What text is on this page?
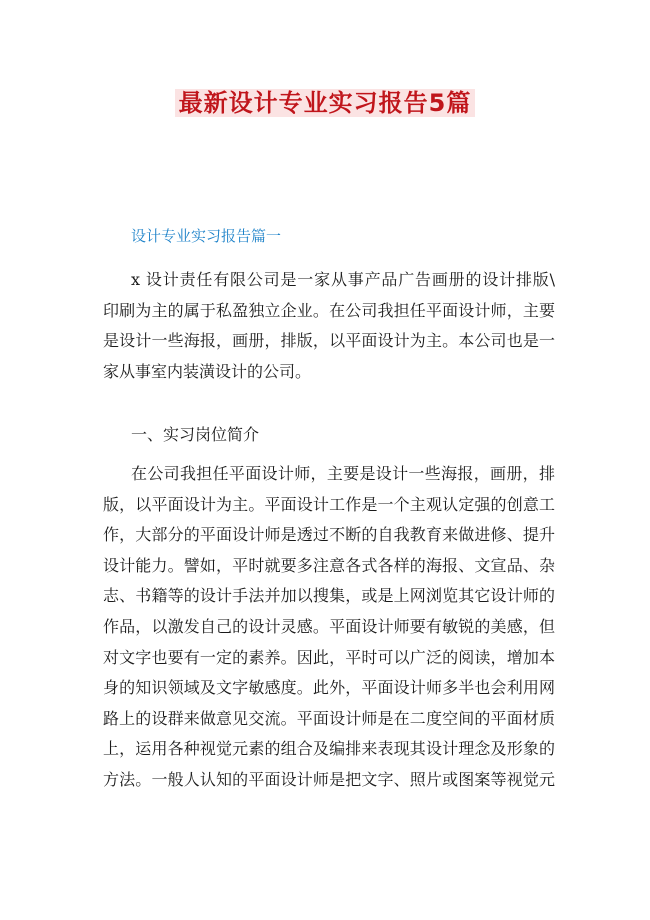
最新设计专业实习报告5篇
设计专业实习报告篇一
x 设计责任有限公司是一家从事产品广告画册的设计排版\
印刷为主的属于私盈独立企业。在公司我担任平面设计师，主要
是设计一些海报，画册，排版，以平面设计为主。本公司也是一
家从事室内装潢设计的公司。
一、实习岗位简介
在公司我担任平面设计师，主要是设计一些海报，画册，排
版，以平面设计为主。平面设计工作是一个主观认定强的创意工
作，大部分的平面设计师是透过不断的自我教育来做进修、提升
设计能力。譬如，平时就要多注意各式各样的海报、文宣品、杂
志、书籍等的设计手法并加以搜集，或是上网浏览其它设计师的
作品，以激发自己的设计灵感。平面设计师要有敏锐的美感，但
对文字也要有一定的素养。因此，平时可以广泛的阅读，增加本
身的知识领域及文字敏感度。此外，平面设计师多半也会利用网
路上的设群来做意见交流。平面设计师是在二度空间的平面材质
上，运用各种视觉元素的组合及编排来表现其设计理念及形象的
方法。一般人认知的平面设计师是把文字、照片或图案等视觉元
